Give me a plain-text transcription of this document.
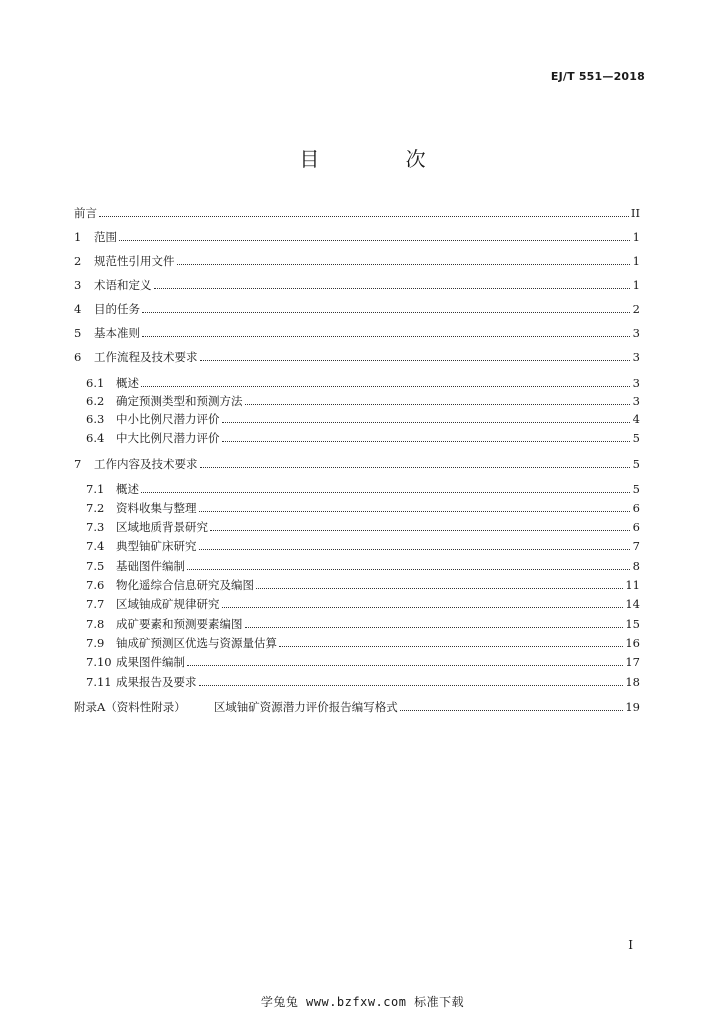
EJ/T 551—2018
目 次
前言	II
1	范围	1
2	规范性引用文件	1
3	术语和定义	1
4	目的任务	2
5	基本准则	3
6	工作流程及技术要求	3
6.1	概述	3
6.2	确定预测类型和预测方法	3
6.3	中小比例尺潜力评价	4
6.4	中大比例尺潜力评价	5
7	工作内容及技术要求	5
7.1	概述	5
7.2	资料收集与整理	6
7.3	区域地质背景研究	6
7.4	典型铀矿床研究	7
7.5	基础图件编制	8
7.6	物化遥综合信息研究及编图	11
7.7	区域铀成矿规律研究	14
7.8	成矿要素和预测要素编图	15
7.9	铀成矿预测区优选与资源量估算	16
7.10 成果图件编制	17
7.11 成果报告及要求	18
附录A（资料性附录） 区域铀矿资源潜力评价报告编写格式	19
I
学兔兔 www.bzfxw.com 标准下载
